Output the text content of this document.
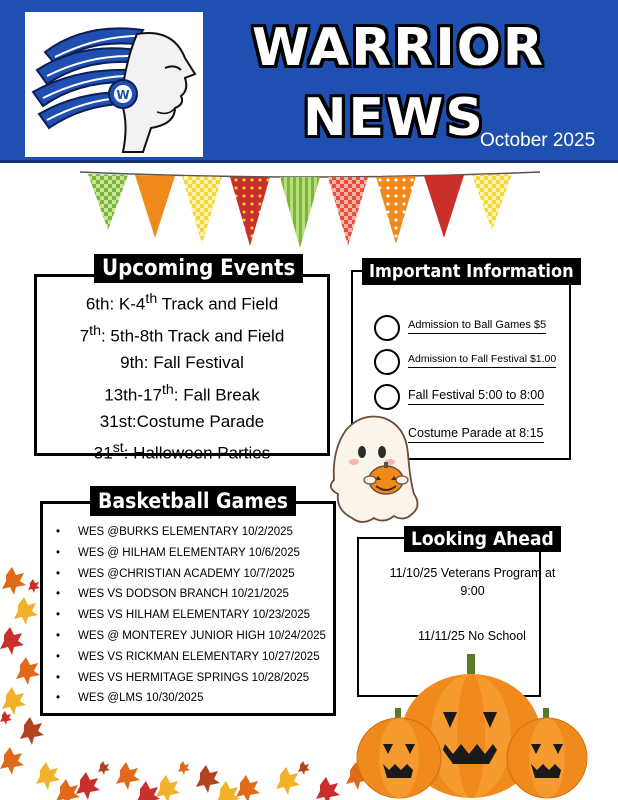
W
WARRIOR
NEWS
October 2025
Upcoming Events
6th: K-4th Track and Field
7th: 5th-8th Track and Field
9th: Fall Festival
13th-17th: Fall Break
31st:Costume Parade
31st: Halloween Parties
Important Information
Admission to Ball Games $5
Admission to Fall Festival $1.00
Fall Festival 5:00 to 8:00
Costume Parade at 8:15
Basketball Games
• WES @BURKS ELEMENTARY 10/2/2025
• WES @ HILHAM ELEMENTARY 10/6/2025
• WES @CHRISTIAN ACADEMY 10/7/2025
• WES VS DODSON BRANCH 10/21/2025
• WES VS HILHAM ELEMENTARY 10/23/2025
• WES @ MONTEREY JUNIOR HIGH 10/24/2025
• WES VS RICKMAN ELEMENTARY 10/27/2025
• WES VS HERMITAGE SPRINGS 10/28/2025
• WES @LMS 10/30/2025
Looking Ahead
11/10/25 Veterans Program at
9:00
11/11/25 No School
